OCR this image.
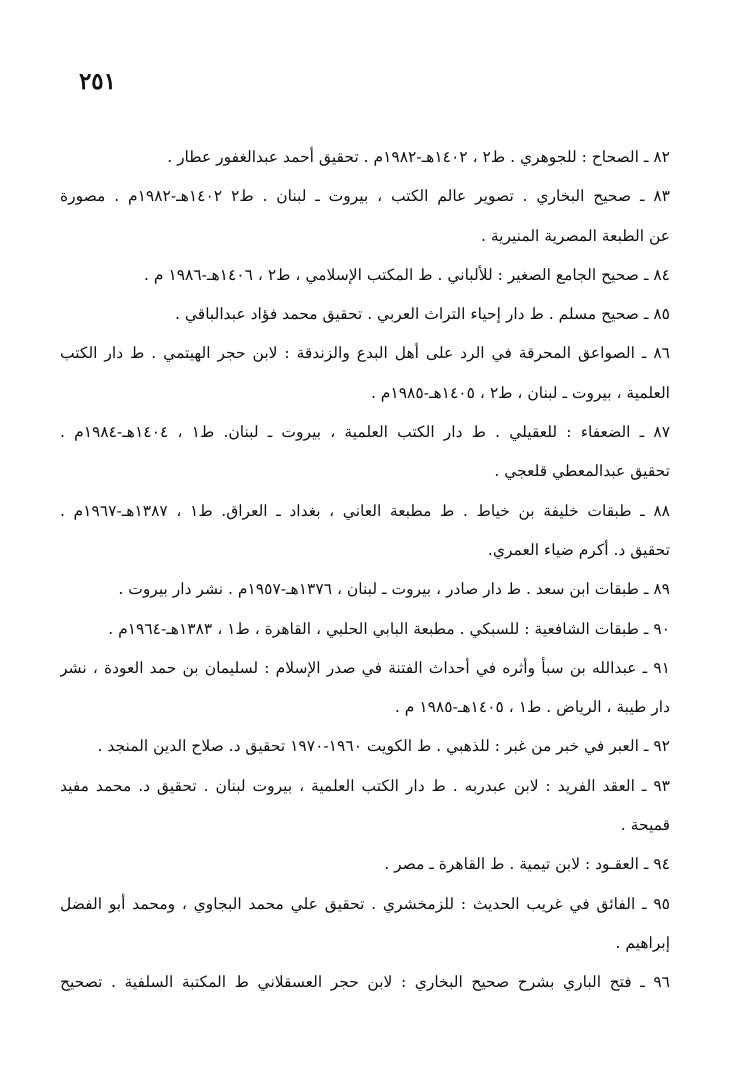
٢٥١
٨٢ ـ الصحاح : للجوهري . ط٢ ، ١٤٠٢هـ-١٩٨٢م . تحقيق أحمد عبدالغفور عطار .
٨٣ ـ صحيح البخاري . تصوير عالم الكتب ، بيروت ـ لبنان . ط٢ ١٤٠٢هـ-١٩٨٢م . مصورة
عن الطبعة المصرية المنيرية .
٨٤ ـ صحيح الجامع الصغير : للألباني . ط المكتب الإسلامي ، ط٢ ، ١٤٠٦هـ-١٩٨٦ م .
٨٥ ـ صحيح مسلم . ط دار إحياء التراث العربي . تحقيق محمد فؤاد عبدالباقي .
٨٦ ـ الصواعق المحرقة في الرد على أهل البدع والزندقة : لابن حجر الهيتمي . ط دار الكتب
العلمية ، بيروت ـ لبنان ، ط٢ ، ١٤٠٥هـ-١٩٨٥م .
٨٧ ـ الضعفاء : للعقيلي . ط دار الكتب العلمية ، بيروت ـ لبنان. ط١ ، ١٤٠٤هـ-١٩٨٤م .
تحقيق عبدالمعطي قلعجي .
٨٨ ـ طبقات خليفة بن خياط . ط مطبعة العاني ، بغداد ـ العراق. ط١ ، ١٣٨٧هـ-١٩٦٧م .
تحقيق د. أكرم ضياء العمري.
٨٩ ـ طبقات ابن سعد . ط دار صادر ، بيروت ـ لبنان ، ١٣٧٦هـ-١٩٥٧م . نشر دار بيروت .
٩٠ ـ طبقات الشافعية : للسبكي . مطبعة البابي الحلبي ، القاهرة ، ط١ ، ١٣٨٣هـ-١٩٦٤م .
٩١ ـ عبدالله بن سبأ وأثره في أحداث الفتنة في صدر الإسلام : لسليمان بن حمد العودة ، نشر
دار طيبة ، الرياض . ط١ ، ١٤٠٥هـ-١٩٨٥ م .
٩٢ ـ العبر في خبر من غبر : للذهبي . ط الكويت ١٩٦٠-١٩٧٠ تحقيق د. صلاح الدين المنجد .
٩٣ ـ العقد الفريد : لابن عبدربه . ط دار الكتب العلمية ، بيروت لبنان . تحقيق د. محمد مفيد
قميحة .
٩٤ ـ العقـود : لابن تيمية . ط القاهرة ـ مصر .
٩٥ ـ الفائق في غريب الحديث : للزمخشري . تحقيق علي محمد البجاوي ، ومحمد أبو الفضل
إبراهيم .
٩٦ ـ فتح الباري بشرح صحيح البخاري : لابن حجر العسقلاني ط المكتبة السلفية . تصحيح
